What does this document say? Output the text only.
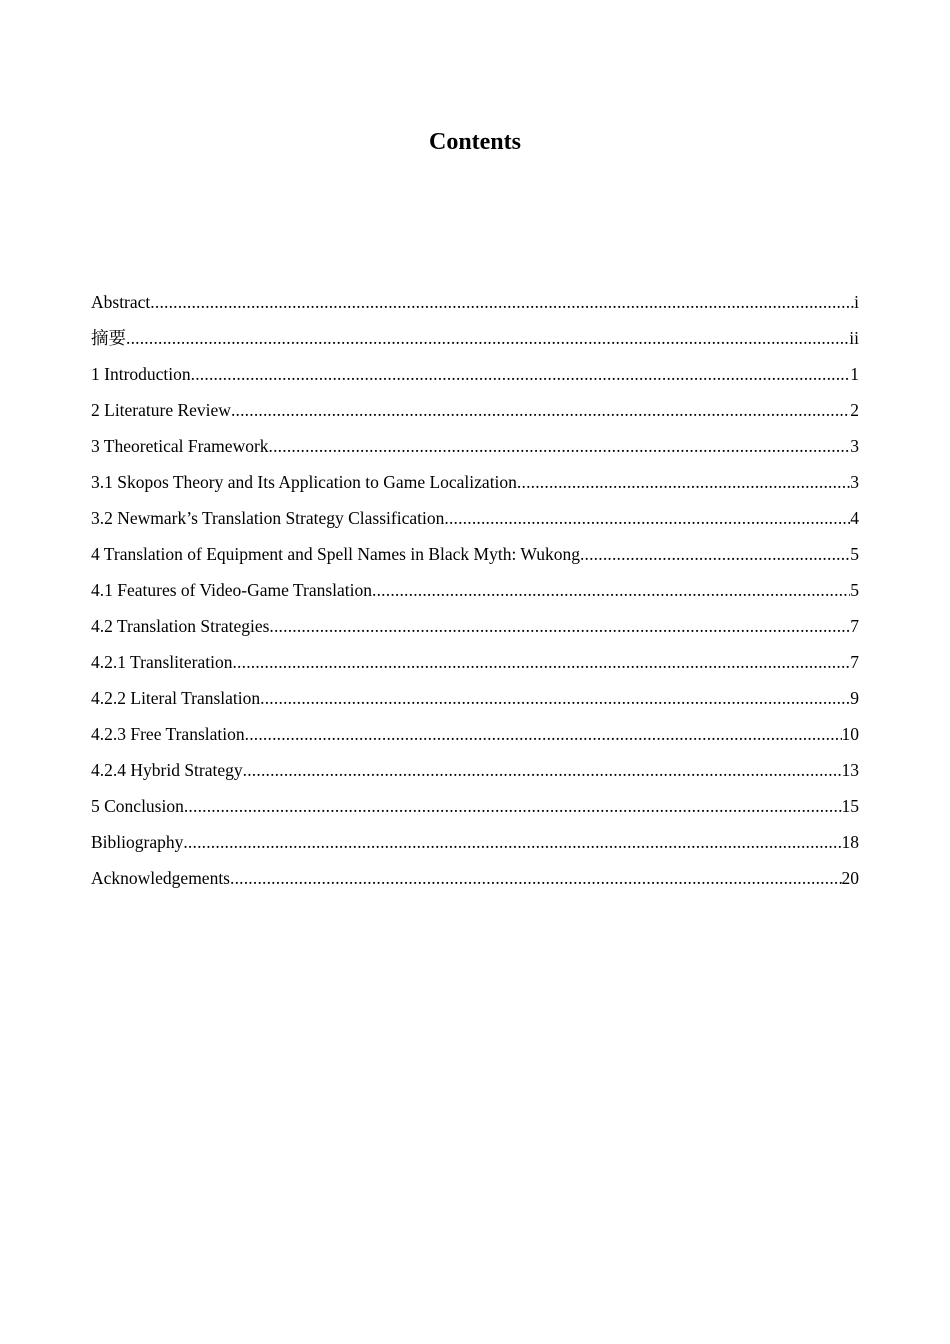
Contents
Abstract .....	i
摘要 .....	ii
1 Introduction .....	1
2 Literature Review .....	2
3 Theoretical Framework .....	3
3.1 Skopos Theory and Its Application to Game Localization .....	3
3.2 Newmark’s Translation Strategy Classification .....	4
4 Translation of Equipment and Spell Names in Black Myth: Wukong .....	5
4.1 Features of Video-Game Translation .....	5
4.2 Translation Strategies .....	7
4.2.1 Transliteration .....	7
4.2.2 Literal Translation .....	9
4.2.3 Free Translation .....	10
4.2.4 Hybrid Strategy .....	13
5 Conclusion .....	15
Bibliography .....	18
Acknowledgements .....	20
